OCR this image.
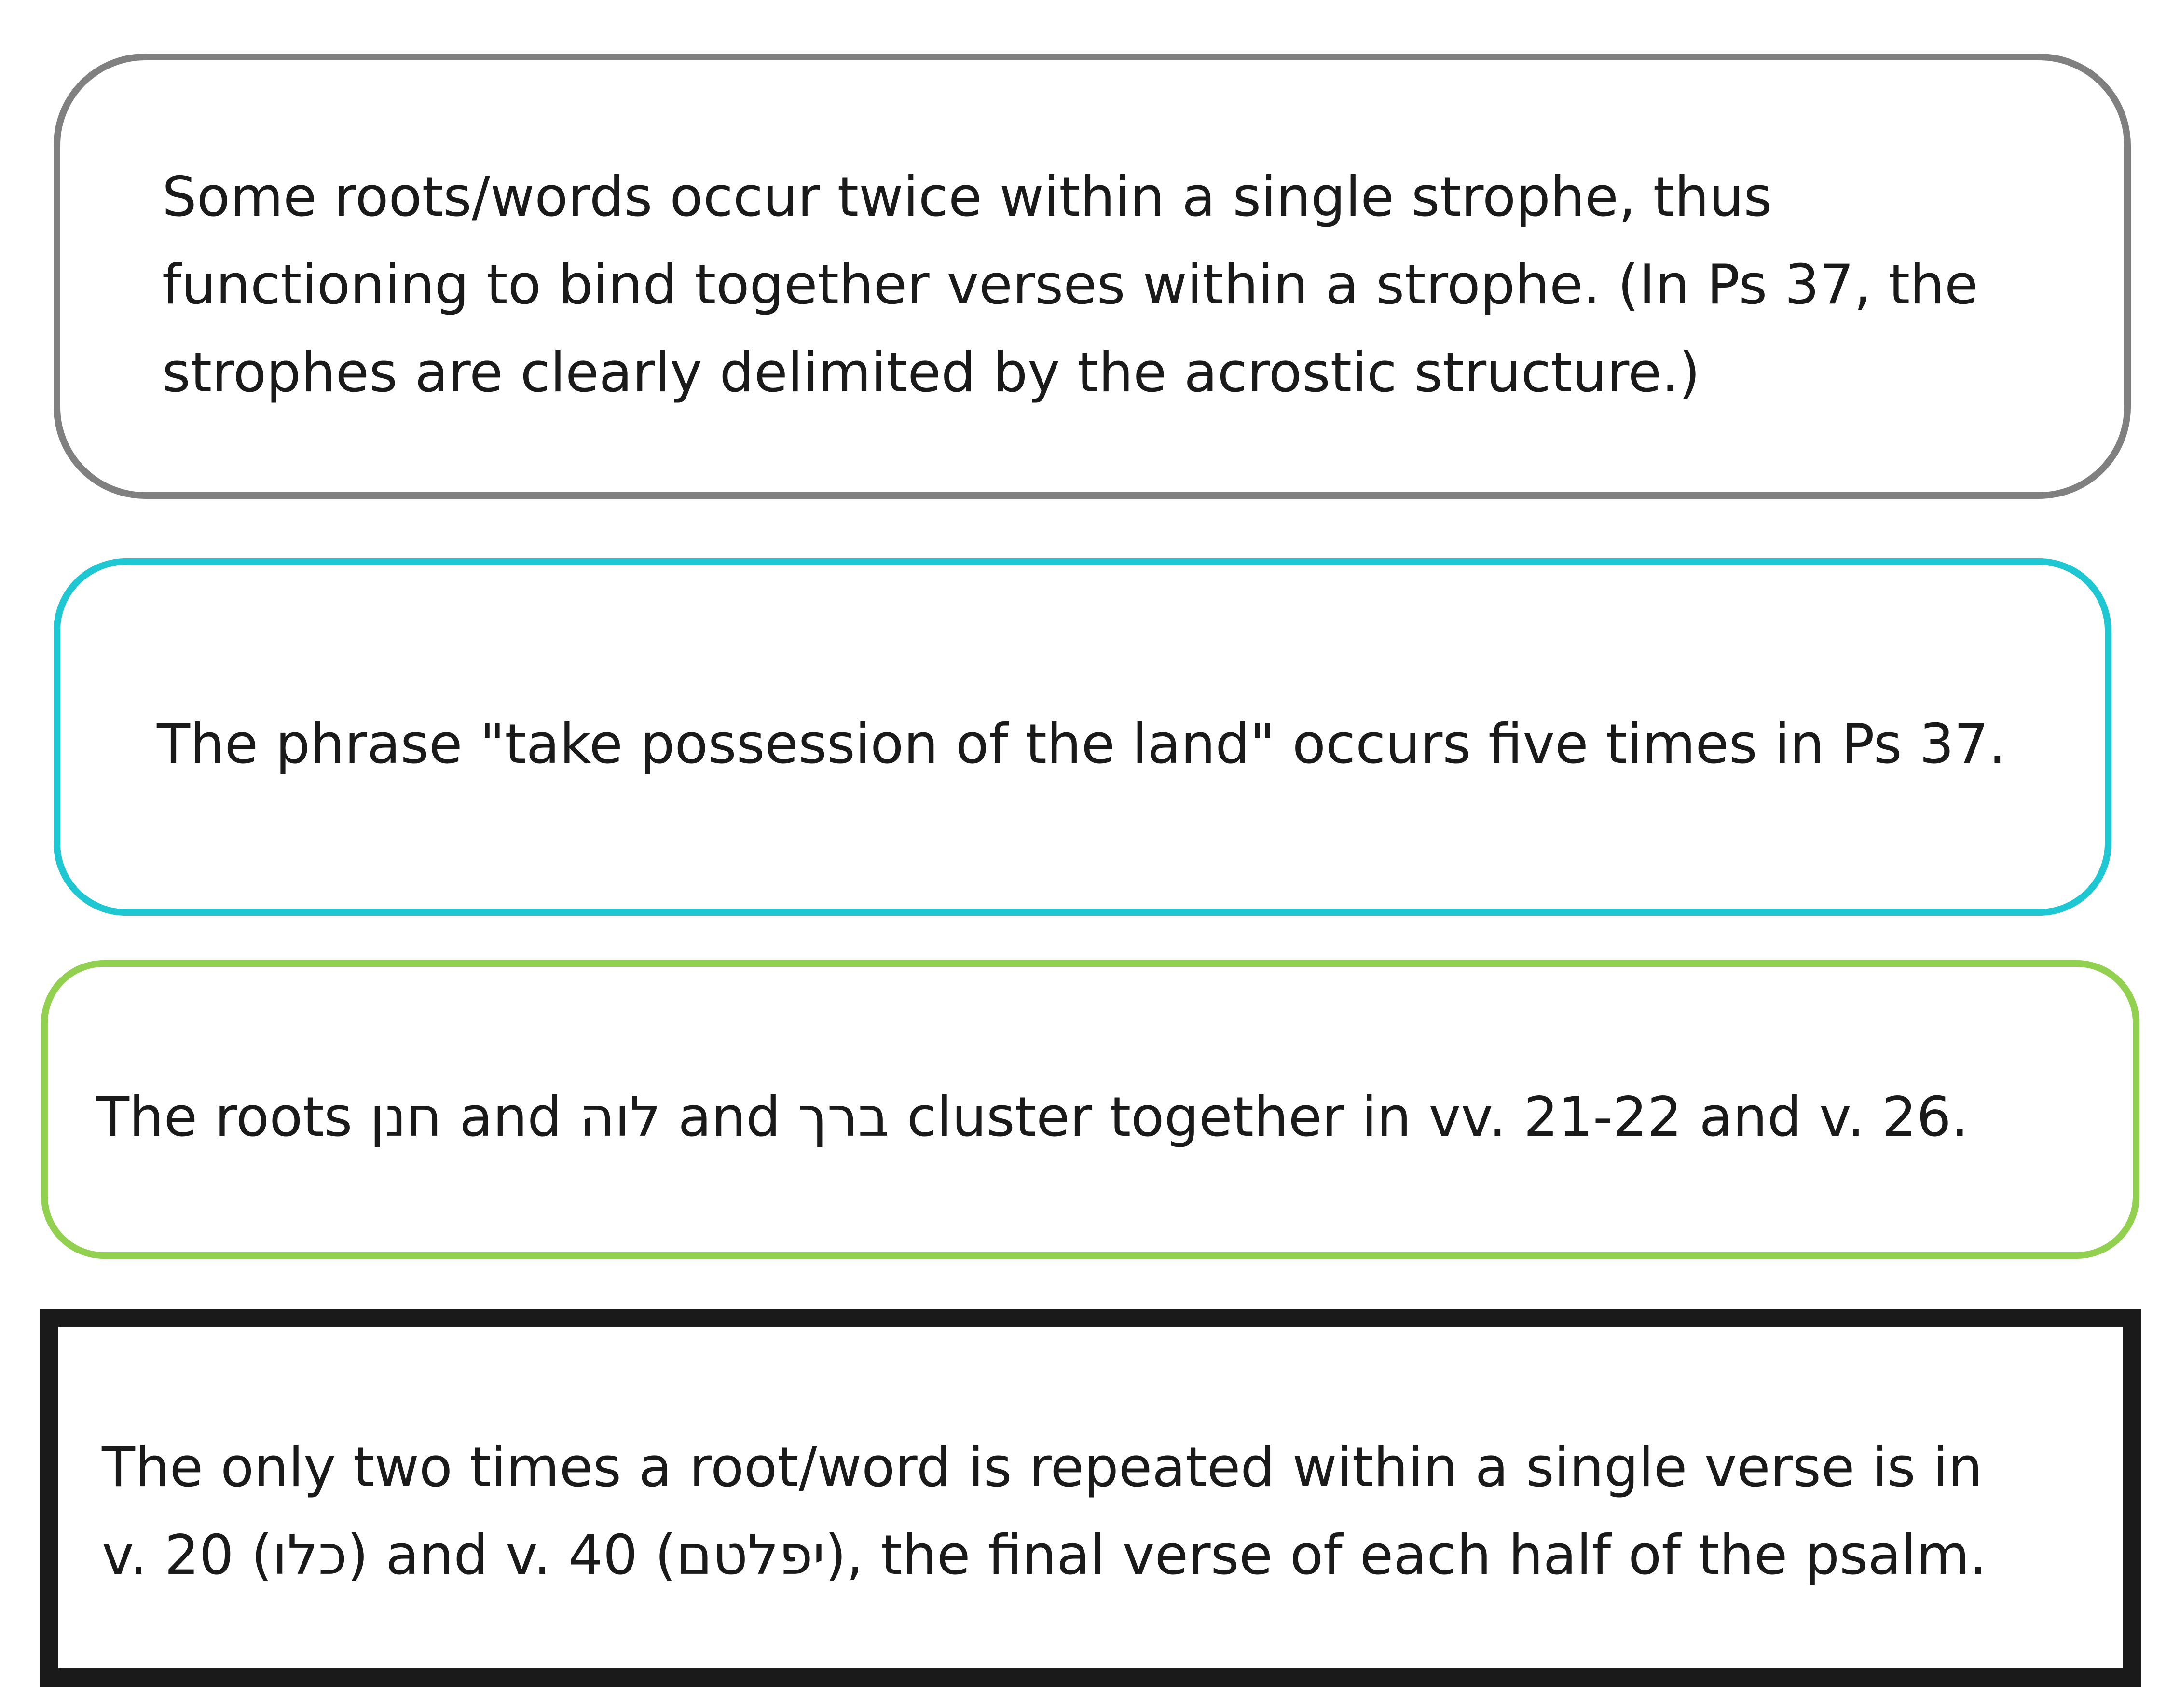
Some roots/words occur twice within a single strophe, thus
functioning to bind together verses within a strophe. (In Ps 37, the
strophes are clearly delimited by the acrostic structure.)

The phrase "take possession of the land" occurs five times in Ps 37.

The roots חנן and לוה and ברך cluster together in vv. 21-22 and v. 26.

The only two times a root/word is repeated within a single verse is in
v. 20 (כלו) and v. 40 (יפלטם), the final verse of each half of the psalm.
